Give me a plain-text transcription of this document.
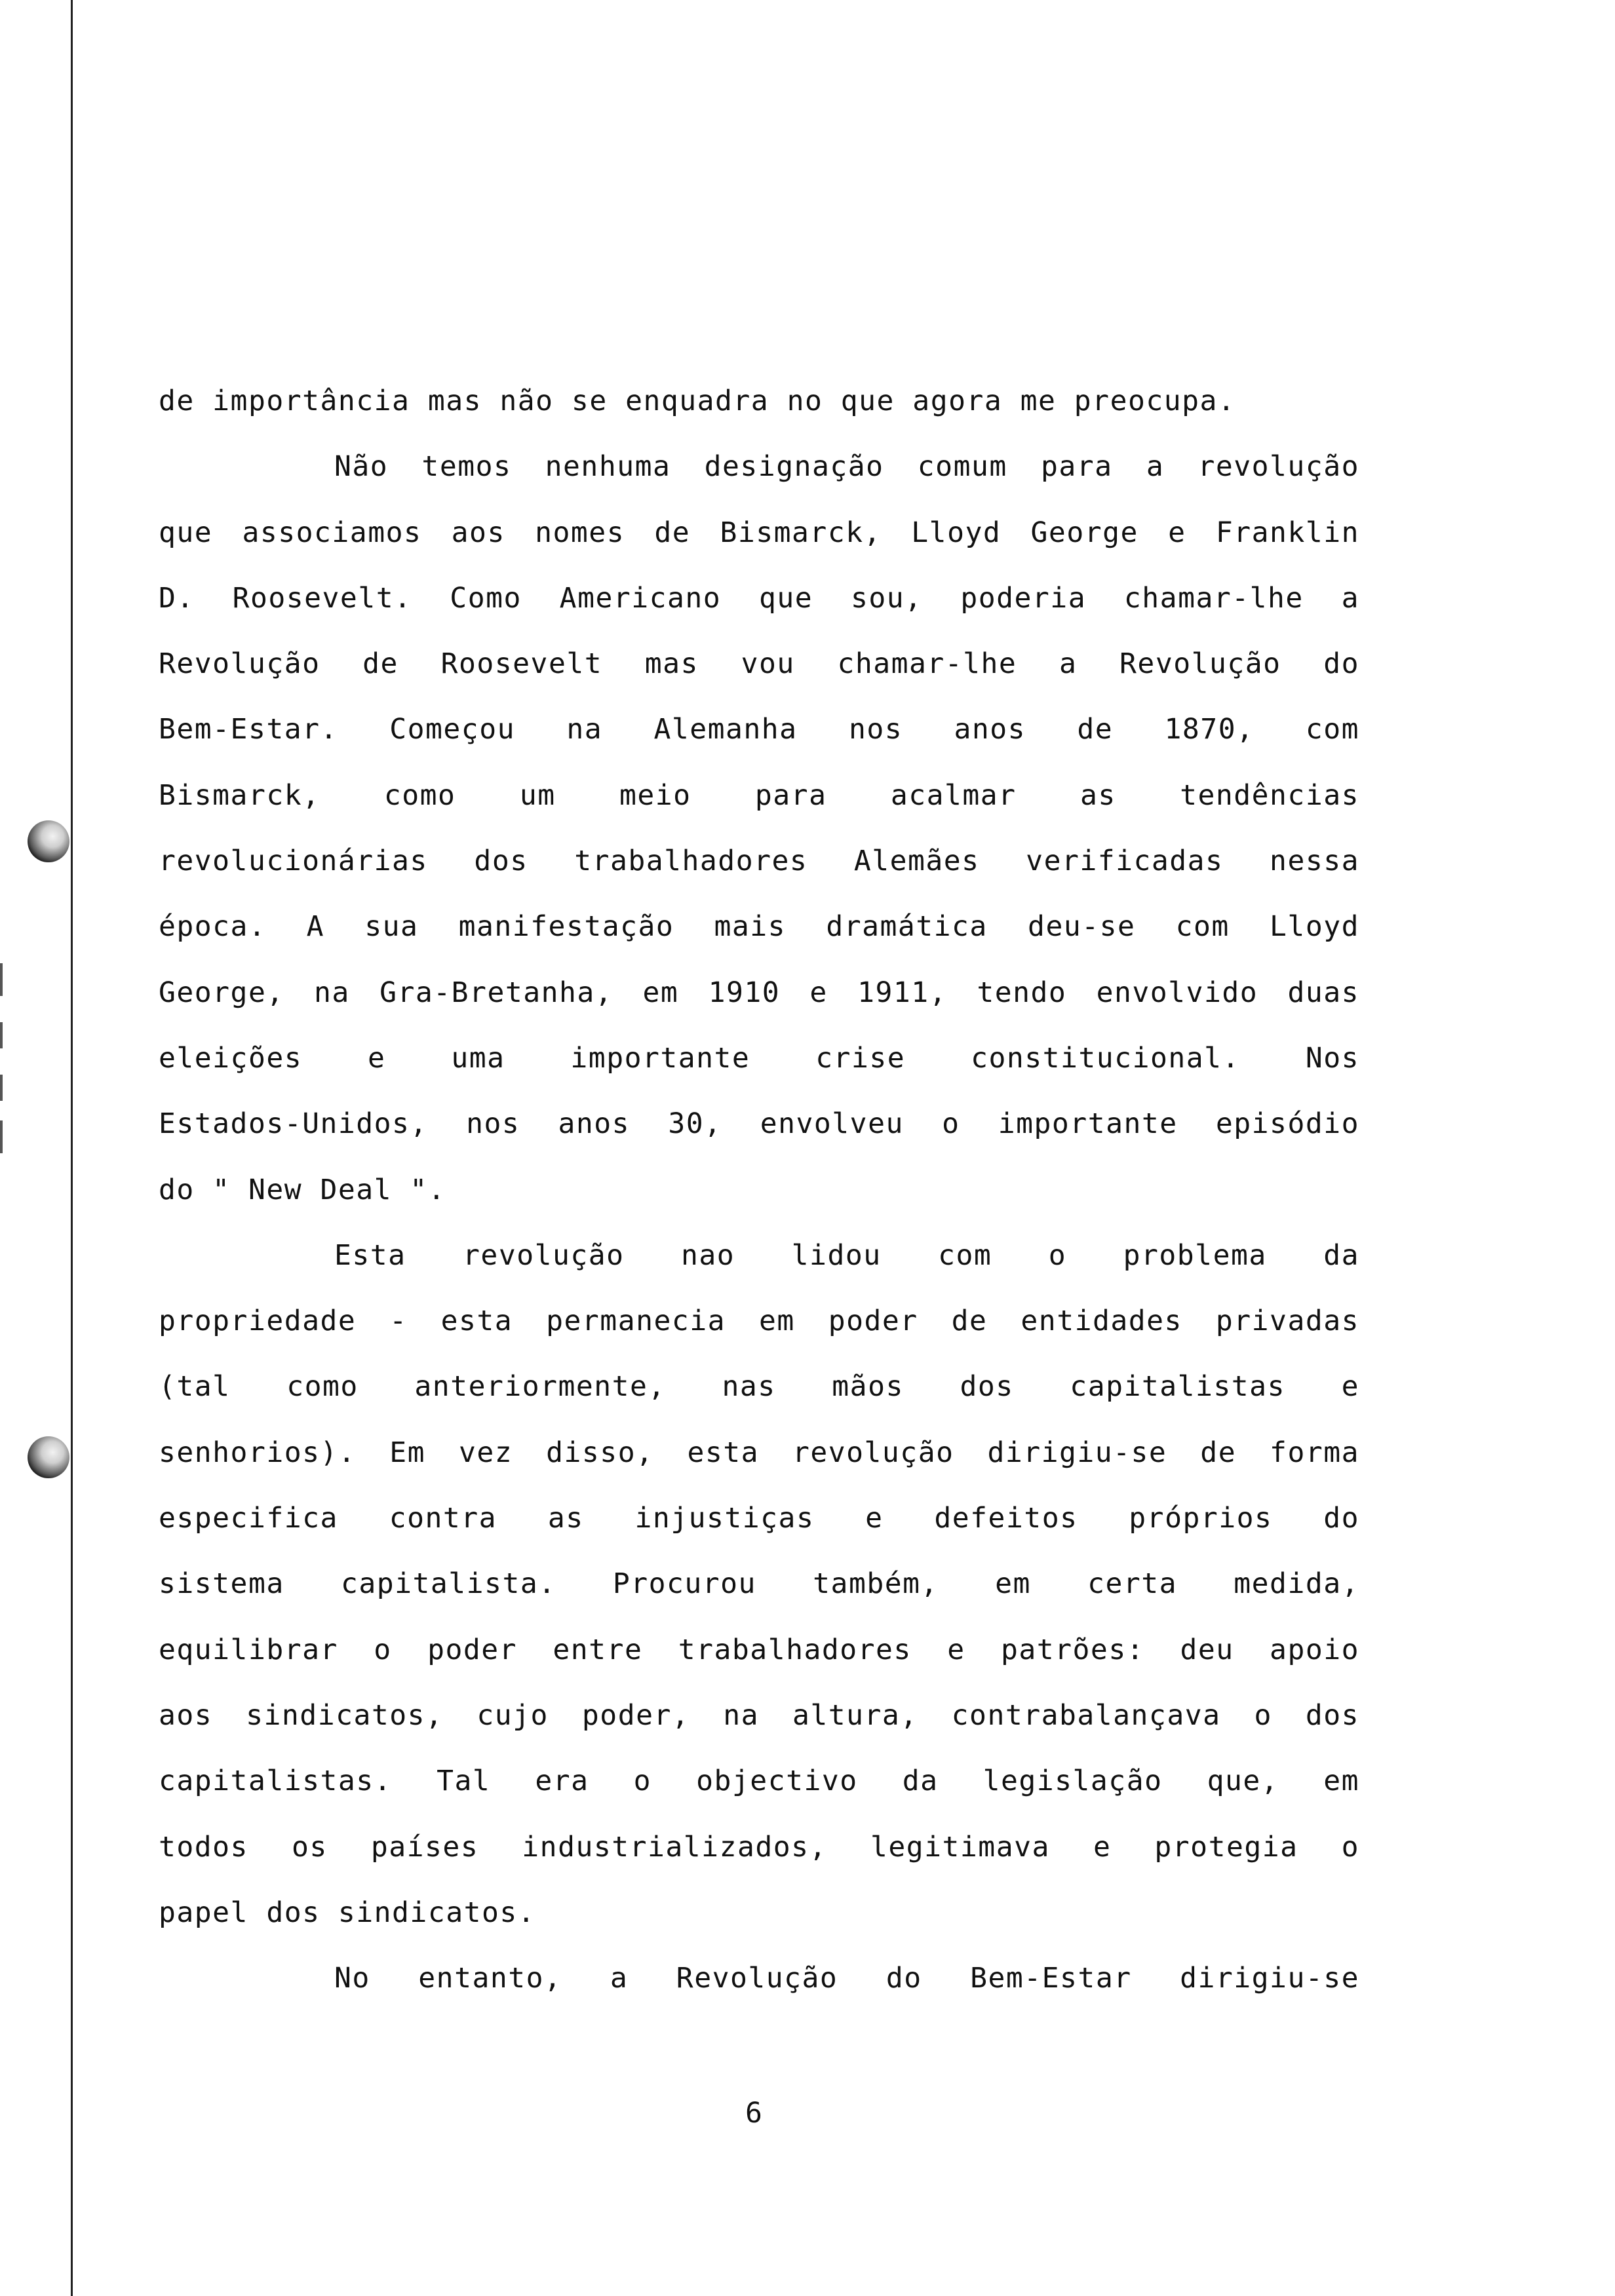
de importância mas não se enquadra no que agora me preocupa.
Não temos nenhuma designação comum para a revolução
que associamos aos nomes de Bismarck, Lloyd George e Franklin
D. Roosevelt. Como Americano que sou, poderia chamar-lhe a
Revolução de Roosevelt mas vou chamar-lhe a Revolução do
Bem-Estar. Começou na Alemanha nos anos de 1870, com
Bismarck, como um meio para acalmar as tendências
revolucionárias dos trabalhadores Alemães verificadas nessa
época. A sua manifestação mais dramática deu-se com Lloyd
George, na Gra-Bretanha, em 1910 e 1911, tendo envolvido duas
eleições e uma importante crise constitucional. Nos
Estados-Unidos, nos anos 30, envolveu o importante episódio
do " New Deal ".
Esta revolução nao lidou com o problema da
propriedade - esta permanecia em poder de entidades privadas
(tal como anteriormente, nas mãos dos capitalistas e
senhorios). Em vez disso, esta revolução dirigiu-se de forma
especifica contra as injustiças e defeitos próprios do
sistema capitalista. Procurou também, em certa medida,
equilibrar o poder entre trabalhadores e patrões: deu apoio
aos sindicatos, cujo poder, na altura, contrabalançava o dos
capitalistas. Tal era o objectivo da legislação que, em
todos os países industrializados, legitimava e protegia o
papel dos sindicatos.
No entanto, a Revolução do Bem-Estar dirigiu-se
6
